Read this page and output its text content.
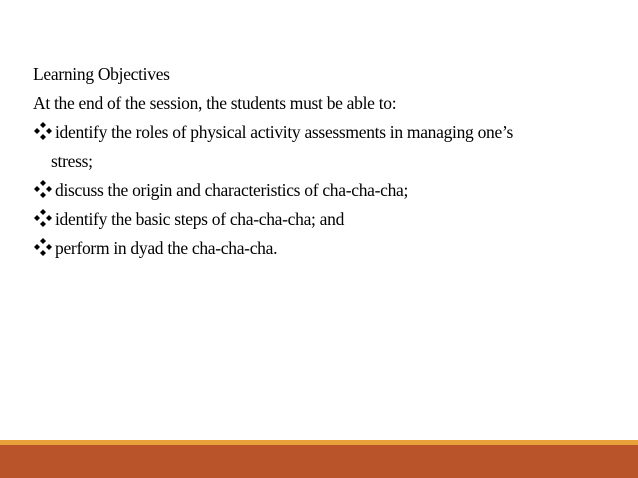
Learning Objectives
At the end of the session, the students must be able to:
identify the roles of physical activity assessments in managing one’s
stress;
discuss the origin and characteristics of cha-cha-cha;
identify the basic steps of cha-cha-cha; and
perform in dyad the cha-cha-cha.
